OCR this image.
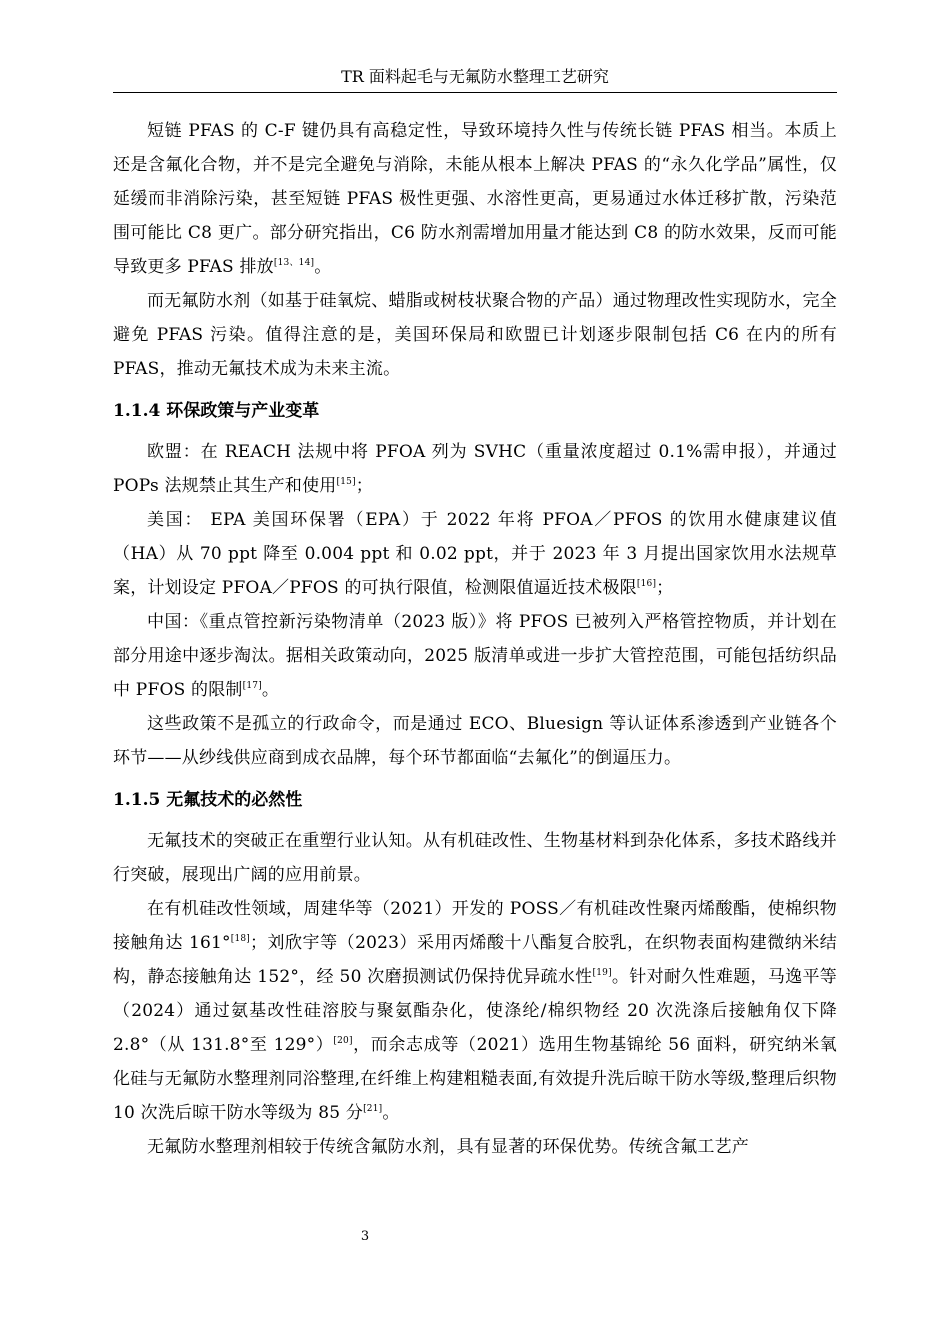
TR 面料起毛与无氟防水整理工艺研究

短链 PFAS 的 C-F 键仍具有高稳定性，导致环境持久性与传统长链 PFAS 相当。本质上还是含氟化合物，并不是完全避免与消除，未能从根本上解决 PFAS 的“永久化学品”属性，仅延缓而非消除污染，甚至短链 PFAS 极性更强、水溶性更高，更易通过水体迁移扩散，污染范围可能比 C8 更广。部分研究指出，C6 防水剂需增加用量才能达到 C8 的防水效果，反而可能导致更多 PFAS 排放[13、14]。

而无氟防水剂（如基于硅氧烷、蜡脂或树枝状聚合物的产品）通过物理改性实现防水，完全避免 PFAS 污染。值得注意的是，美国环保局和欧盟已计划逐步限制包括 C6 在内的所有 PFAS，推动无氟技术成为未来主流。

1.1.4 环保政策与产业变革

欧盟：在 REACH 法规中将 PFOA 列为 SVHC（重量浓度超过 0.1%需申报），并通过 POPs 法规禁止其生产和使用[15]；

美国： EPA 美国环保署（EPA）于 2022 年将 PFOA／PFOS 的饮用水健康建议值（HA）从 70 ppt 降至 0.004 ppt 和 0.02 ppt，并于 2023 年 3 月提出国家饮用水法规草案，计划设定 PFOA／PFOS 的可执行限值，检测限值逼近技术极限[16]；

中国：《重点管控新污染物清单（2023 版）》将 PFOS 已被列入严格管控物质，并计划在部分用途中逐步淘汰。据相关政策动向，2025 版清单或进一步扩大管控范围，可能包括纺织品中 PFOS 的限制[17]。

这些政策不是孤立的行政命令，而是通过 ECO、Bluesign 等认证体系渗透到产业链各个环节——从纱线供应商到成衣品牌，每个环节都面临“去氟化”的倒逼压力。

1.1.5 无氟技术的必然性

无氟技术的突破正在重塑行业认知。从有机硅改性、生物基材料到杂化体系，多技术路线并行突破，展现出广阔的应用前景。

在有机硅改性领域，周建华等（2021）开发的 POSS／有机硅改性聚丙烯酸酯，使棉织物接触角达 161°[18]；刘欣宇等（2023）采用丙烯酸十八酯复合胶乳，在织物表面构建微纳米结构，静态接触角达 152°，经 50 次磨损测试仍保持优异疏水性[19]。针对耐久性难题，马逸平等（2024）通过氨基改性硅溶胶与聚氨酯杂化，使涤纶/棉织物经 20 次洗涤后接触角仅下降 2.8°（从 131.8°至 129°）[20]，而余志成等（2021）选用生物基锦纶 56 面料，研究纳米氧化硅与无氟防水整理剂同浴整理,在纤维上构建粗糙表面,有效提升洗后晾干防水等级,整理后织物 10 次洗后晾干防水等级为 85 分[21]。

无氟防水整理剂相较于传统含氟防水剂，具有显著的环保优势。传统含氟工艺产

3
